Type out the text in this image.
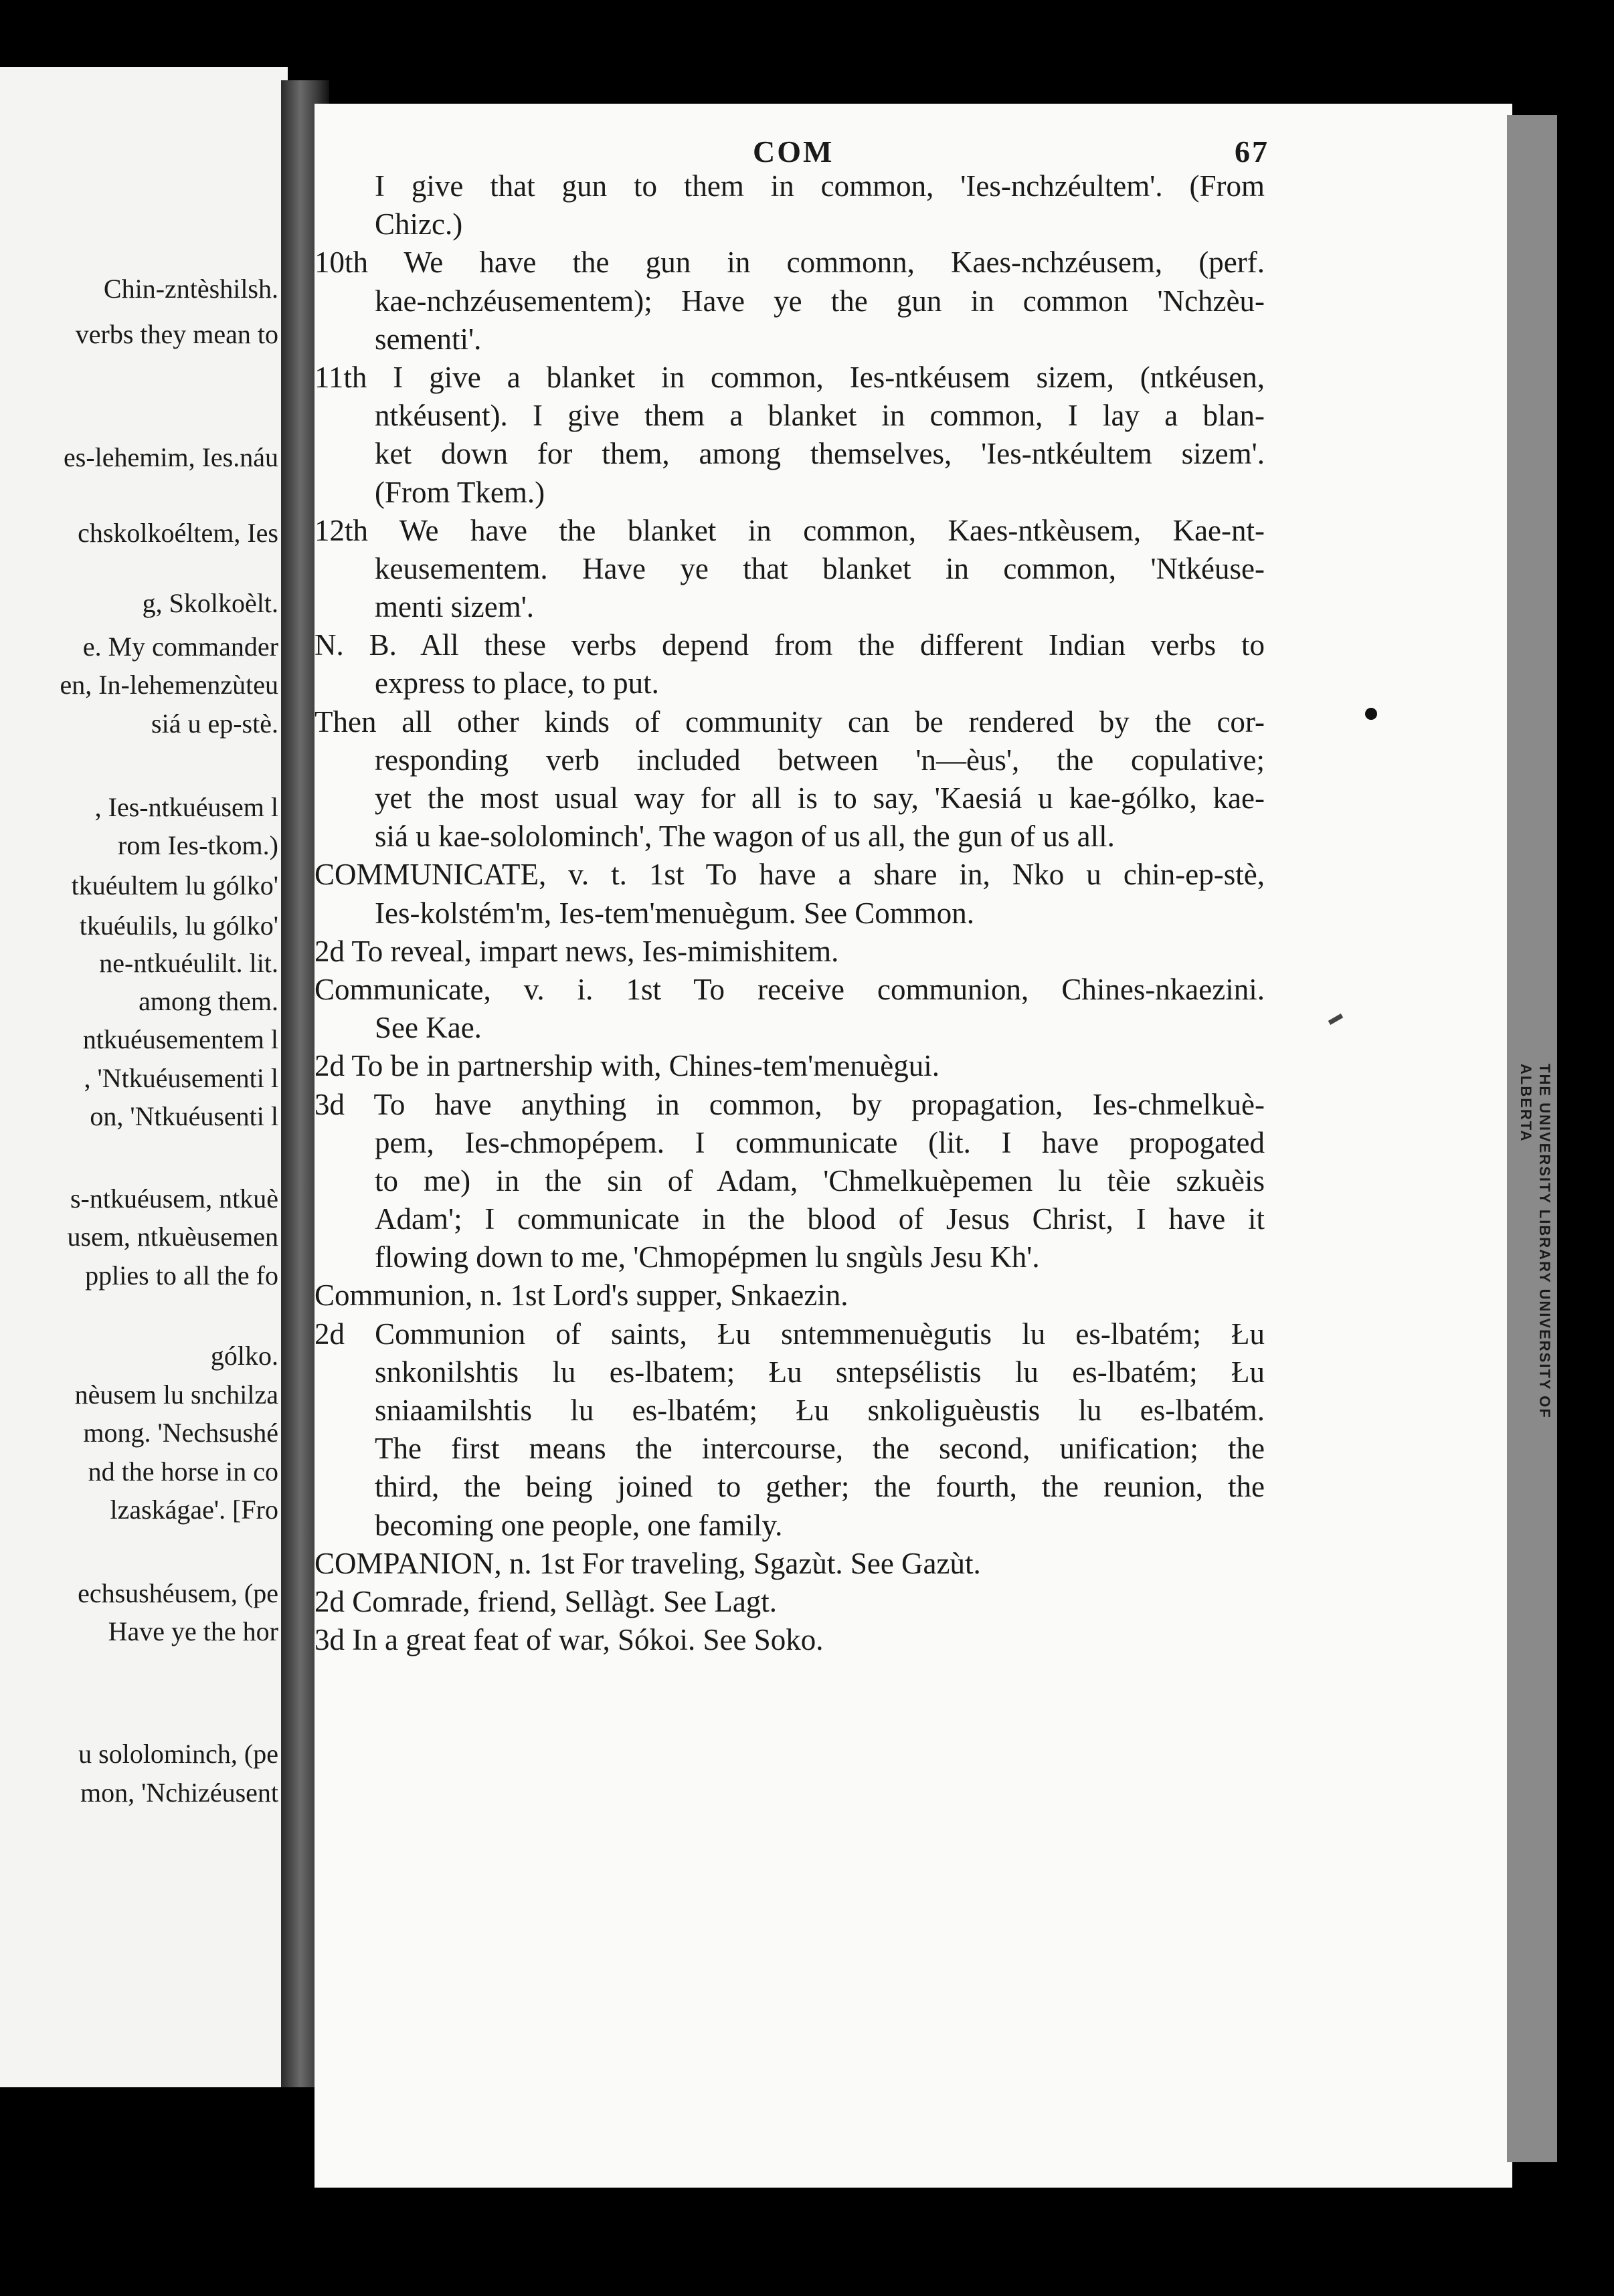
Chin-zntèshilsh.
verbs they mean to
es-lehemim, Ies.náu
chskolkoéltem, Ies
g, Skolkoèlt.
e. My commander
en, In-lehemenzùteu
siá u ep-stè.
, Ies-ntkuéusem l
rom Ies-tkom.)
tkuéultem lu gólko'
tkuéulils, lu gólko'
ne-ntkuéulilt. lit.
among them.
ntkuéusementem l
, 'Ntkuéusementi l
on, 'Ntkuéusenti l
s-ntkuéusem, ntkuè
usem, ntkuèusemen
pplies to all the fo
gólko.
nèusem lu snchilza
mong. 'Nechsushé
nd the horse in co
lzaskágae'. [Fro
echsushéusem, (pe
Have ye the hor
u sololominch, (pe
mon, 'Nchizéusent
THE UNIVERSITY LIBRARY UNIVERSITY OF ALBERTA
COM	67
I give that gun to them in common, 'Ies-nchzéultem'. (From
Chizc.)
10th We have the gun in commonn, Kaes-nchzéusem, (perf.
kae-nchzéusementem); Have ye the gun in common 'Nchzèu-
sementi'.
11th I give a blanket in common, Ies-ntkéusem sizem, (ntkéusen,
ntkéusent). I give them a blanket in common, I lay a blan-
ket down for them, among themselves, 'Ies-ntkéultem sizem'.
(From Tkem.)
12th We have the blanket in common, Kaes-ntkèusem, Kae-nt-
keusementem. Have ye that blanket in common, 'Ntkéuse-
menti sizem'.
N. B. All these verbs depend from the different Indian verbs to
express to place, to put.
Then all other kinds of community can be rendered by the cor-
responding verb included between 'n—èus', the copulative;
yet the most usual way for all is to say, 'Kaesiá u kae-gólko, kae-
siá u kae-sololominch', The wagon of us all, the gun of us all.
COMMUNICATE, v. t. 1st To have a share in, Nko u chin-ep-stè,
Ies-kolstém'm, Ies-tem'menuègum. See Common.
2d To reveal, impart news, Ies-mimishitem.
Communicate, v. i. 1st To receive communion, Chines-nkaezini.
See Kae.
2d To be in partnership with, Chines-tem'menuègui.
3d To have anything in common, by propagation, Ies-chmelkuè-
pem, Ies-chmopépem. I communicate (lit. I have propogated
to me) in the sin of Adam, 'Chmelkuèpemen lu tèie szkuèis
Adam'; I communicate in the blood of Jesus Christ, I have it
flowing down to me, 'Chmopépmen lu sngùls Jesu Kh'.
Communion, n. 1st Lord's supper, Snkaezin.
2d Communion of saints, Łu sntemmenuègutis lu es-lbatém; Łu
snkonilshtis lu es-lbatem; Łu sntepsélistis lu es-lbatém; Łu
sniaamilshtis lu es-lbatém; Łu snkoliguèustis lu es-lbatém.
The first means the intercourse, the second, unification; the
third, the being joined to gether; the fourth, the reunion, the
becoming one people, one family.
COMPANION, n. 1st For traveling, Sgazùt. See Gazùt.
2d Comrade, friend, Sellàgt. See Lagt.
3d In a great feat of war, Sókoi. See Soko.
